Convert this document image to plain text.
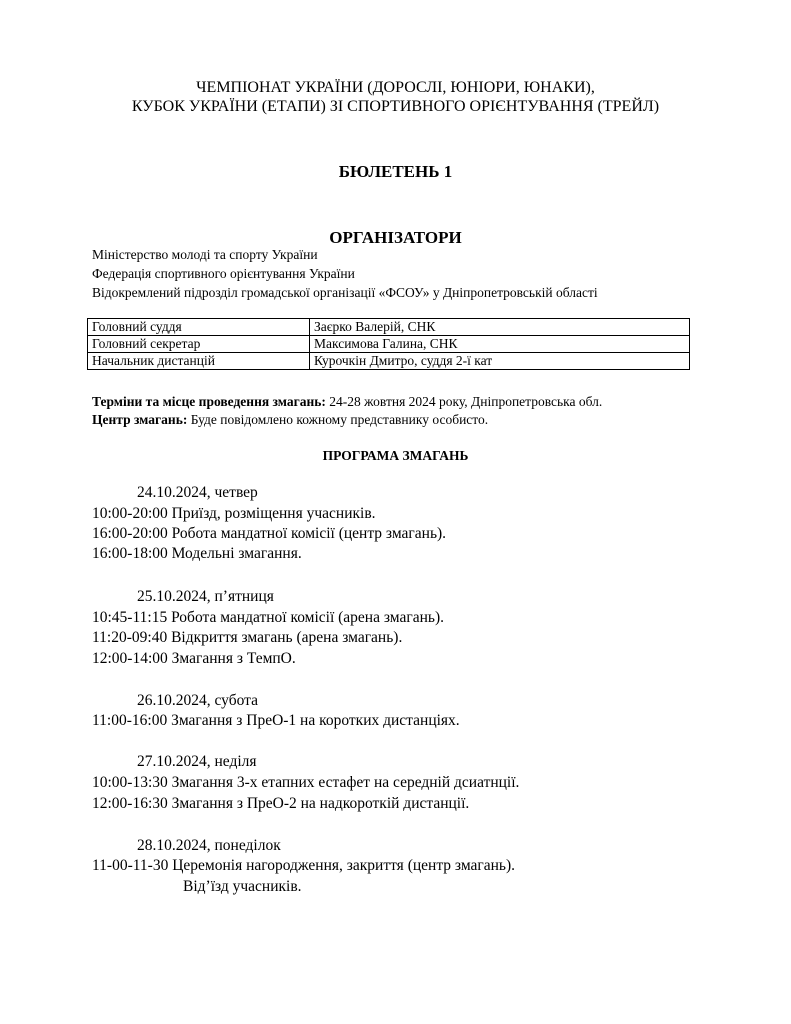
ЧЕМПІОНАТ УКРАЇНИ (ДОРОСЛІ, ЮНІОРИ, ЮНАКИ),
КУБОК УКРАЇНИ (ЕТАПИ) ЗІ СПОРТИВНОГО ОРІЄНТУВАННЯ (ТРЕЙЛ)
БЮЛЕТЕНЬ 1
ОРГАНІЗАТОРИ
Міністерство молоді та спорту України
Федерація спортивного орієнтування України
Відокремлений підрозділ громадської організації «ФСОУ» у Дніпропетровській області
Головний суддя	Заєрко Валерій, СНК
Головний секретар	Максимова Галина, СНК
Начальник дистанцій	Курочкін Дмитро, суддя 2-ї кат
Терміни та місце проведення змагань: 24-28 жовтня 2024 року, Дніпропетровська обл.
Центр змагань: Буде повідомлено кожному представнику особисто.
ПРОГРАМА ЗМАГАНЬ
24.10.2024, четвер
10:00-20:00 Приїзд, розміщення учасників.
16:00-20:00 Робота мандатної комісії (центр змагань).
16:00-18:00 Модельні змагання.
25.10.2024, п’ятниця
10:45-11:15 Робота мандатної комісії (арена змагань).
11:20-09:40 Відкриття змагань (арена змагань).
12:00-14:00 Змагання з ТемпО.
26.10.2024, субота
11:00-16:00 Змагання з ПреО-1 на коротких дистанціях.
27.10.2024, неділя
10:00-13:30 Змагання 3-х етапних естафет на середній дсиатнції.
12:00-16:30 Змагання з ПреО-2 на надкороткій дистанції.
28.10.2024, понеділок
11-00-11-30 Церемонія нагородження, закриття (центр змагань).
Від’їзд учасників.
